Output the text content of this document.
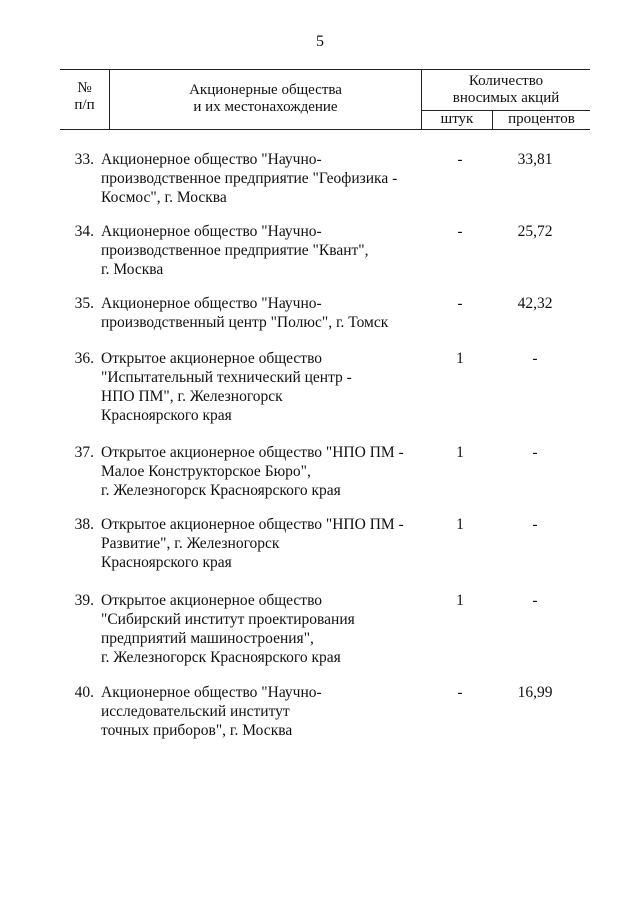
5
№
п/п
Акционерные общества
и их местонахождение
Количество
вносимых акций
штук	процентов
33. Акционерное общество "Научно-
производственное предприятие "Геофизика -
Космос", г. Москва
-	33,81
34. Акционерное общество "Научно-
производственное предприятие "Квант",
г. Москва
-	25,72
35. Акционерное общество "Научно-
производственный центр "Полюс", г. Томск
-	42,32
36. Открытое акционерное общество
"Испытательный технический центр -
НПО ПМ", г. Железногорск
Красноярского края
1	-
37. Открытое акционерное общество "НПО ПМ -
Малое Конструкторское Бюро",
г. Железногорск Красноярского края
1	-
38. Открытое акционерное общество "НПО ПМ -
Развитие", г. Железногорск
Красноярского края
1	-
39. Открытое акционерное общество
"Сибирский институт проектирования
предприятий машиностроения",
г. Железногорск Красноярского края
1	-
40. Акционерное общество "Научно-
исследовательский институт
точных приборов", г. Москва
-	16,99
